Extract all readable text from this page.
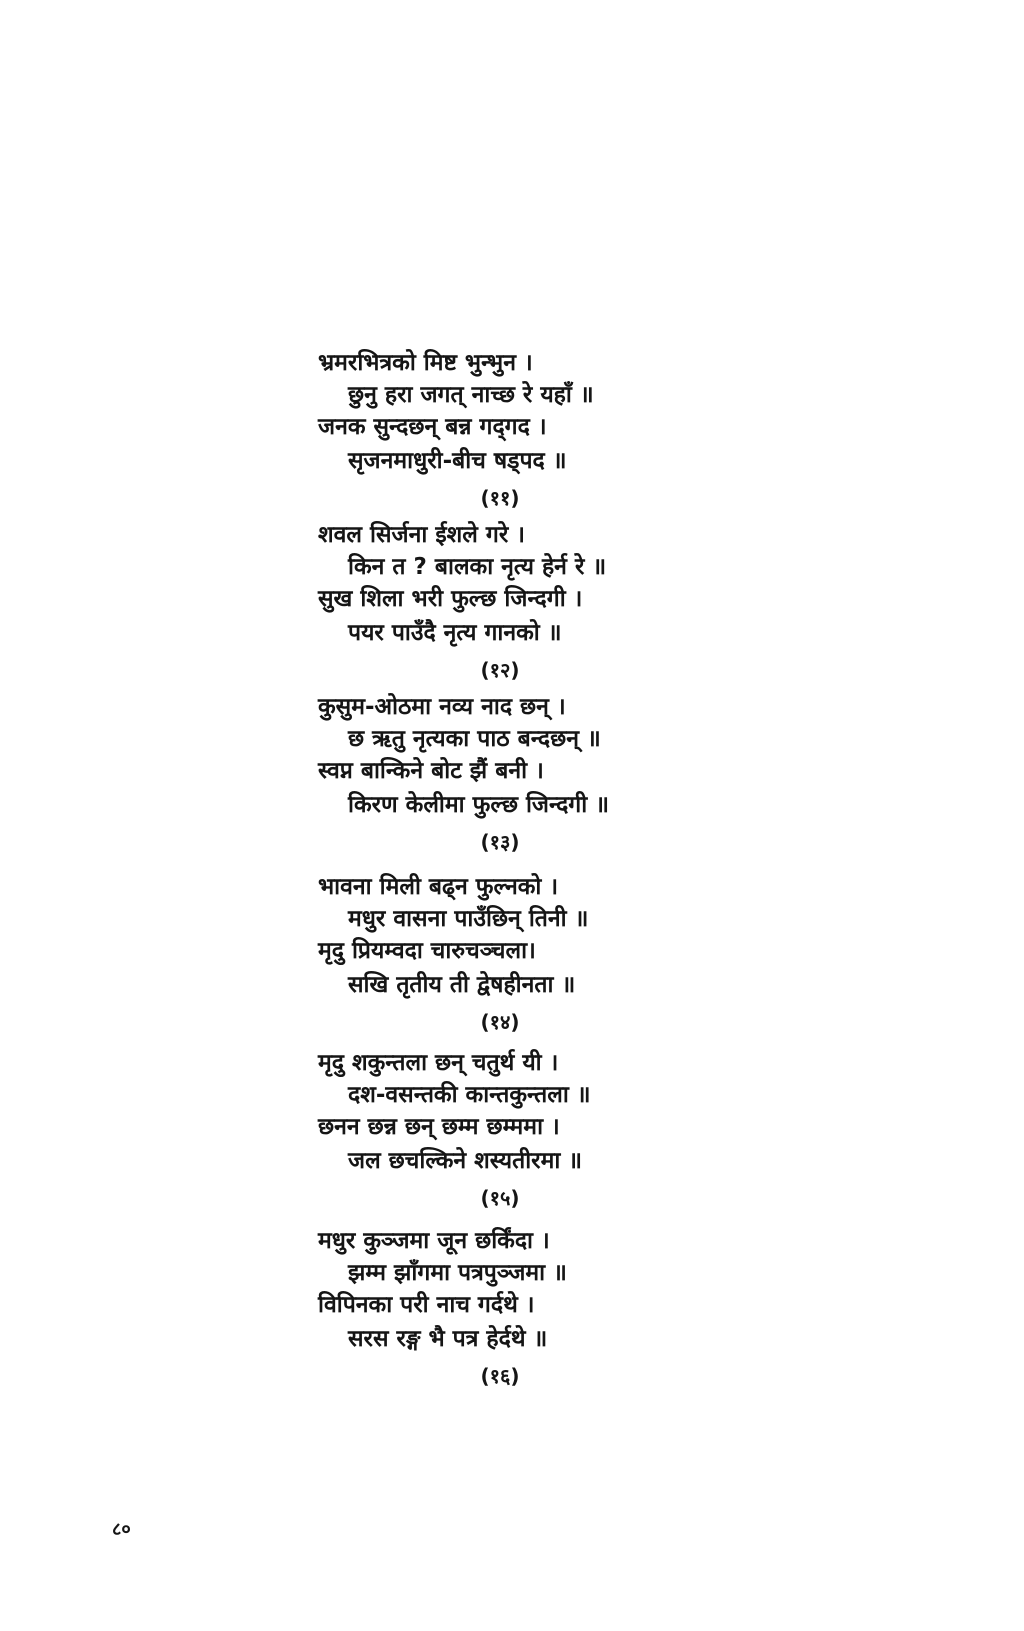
भ्रमरभित्रको मिष्ट भुन्भुन ।
छुनु हरा जगत् नाच्छ रे यहाँ ॥
जनक सुन्दछन् बन्न गद्‌गद ।
सृजनमाधुरी-बीच षड्पद ॥
(११)
शवल सिर्जना ईशले गरे ।
किन त ? बालका नृत्य हेर्न रे ॥
सुख शिला भरी फुल्छ जिन्दगी ।
पयर पाउँदै नृत्य गानको ॥
(१२)
कुसुम-ओठमा नव्य नाद छन् ।
छ ऋतु नृत्यका पाठ बन्दछन् ॥
स्वप्न बान्किने बोट झैं बनी ।
किरण केलीमा फुल्छ जिन्दगी ॥
(१३)
भावना मिली बढ्न फुल्नको ।
मधुर वासना पाउँछिन् तिनी ॥
मृदु प्रियम्वदा चारुचञ्चला।
सखि तृतीय ती द्वेषहीनता ॥
(१४)
मृदु शकुन्तला छन् चतुर्थ यी ।
दश-वसन्तकी कान्तकुन्तला ॥
छनन छन्न छन् छम्म छम्ममा ।
जल छचल्किने शस्यतीरमा ॥
(१५)
मधुर कुञ्जमा जून छर्किंदा ।
झम्म झाँगमा पत्रपुञ्जमा ॥
विपिनका परी नाच गर्दथे ।
सरस रङ्ग भै पत्र हेर्दथे ॥
(१६)
८०
